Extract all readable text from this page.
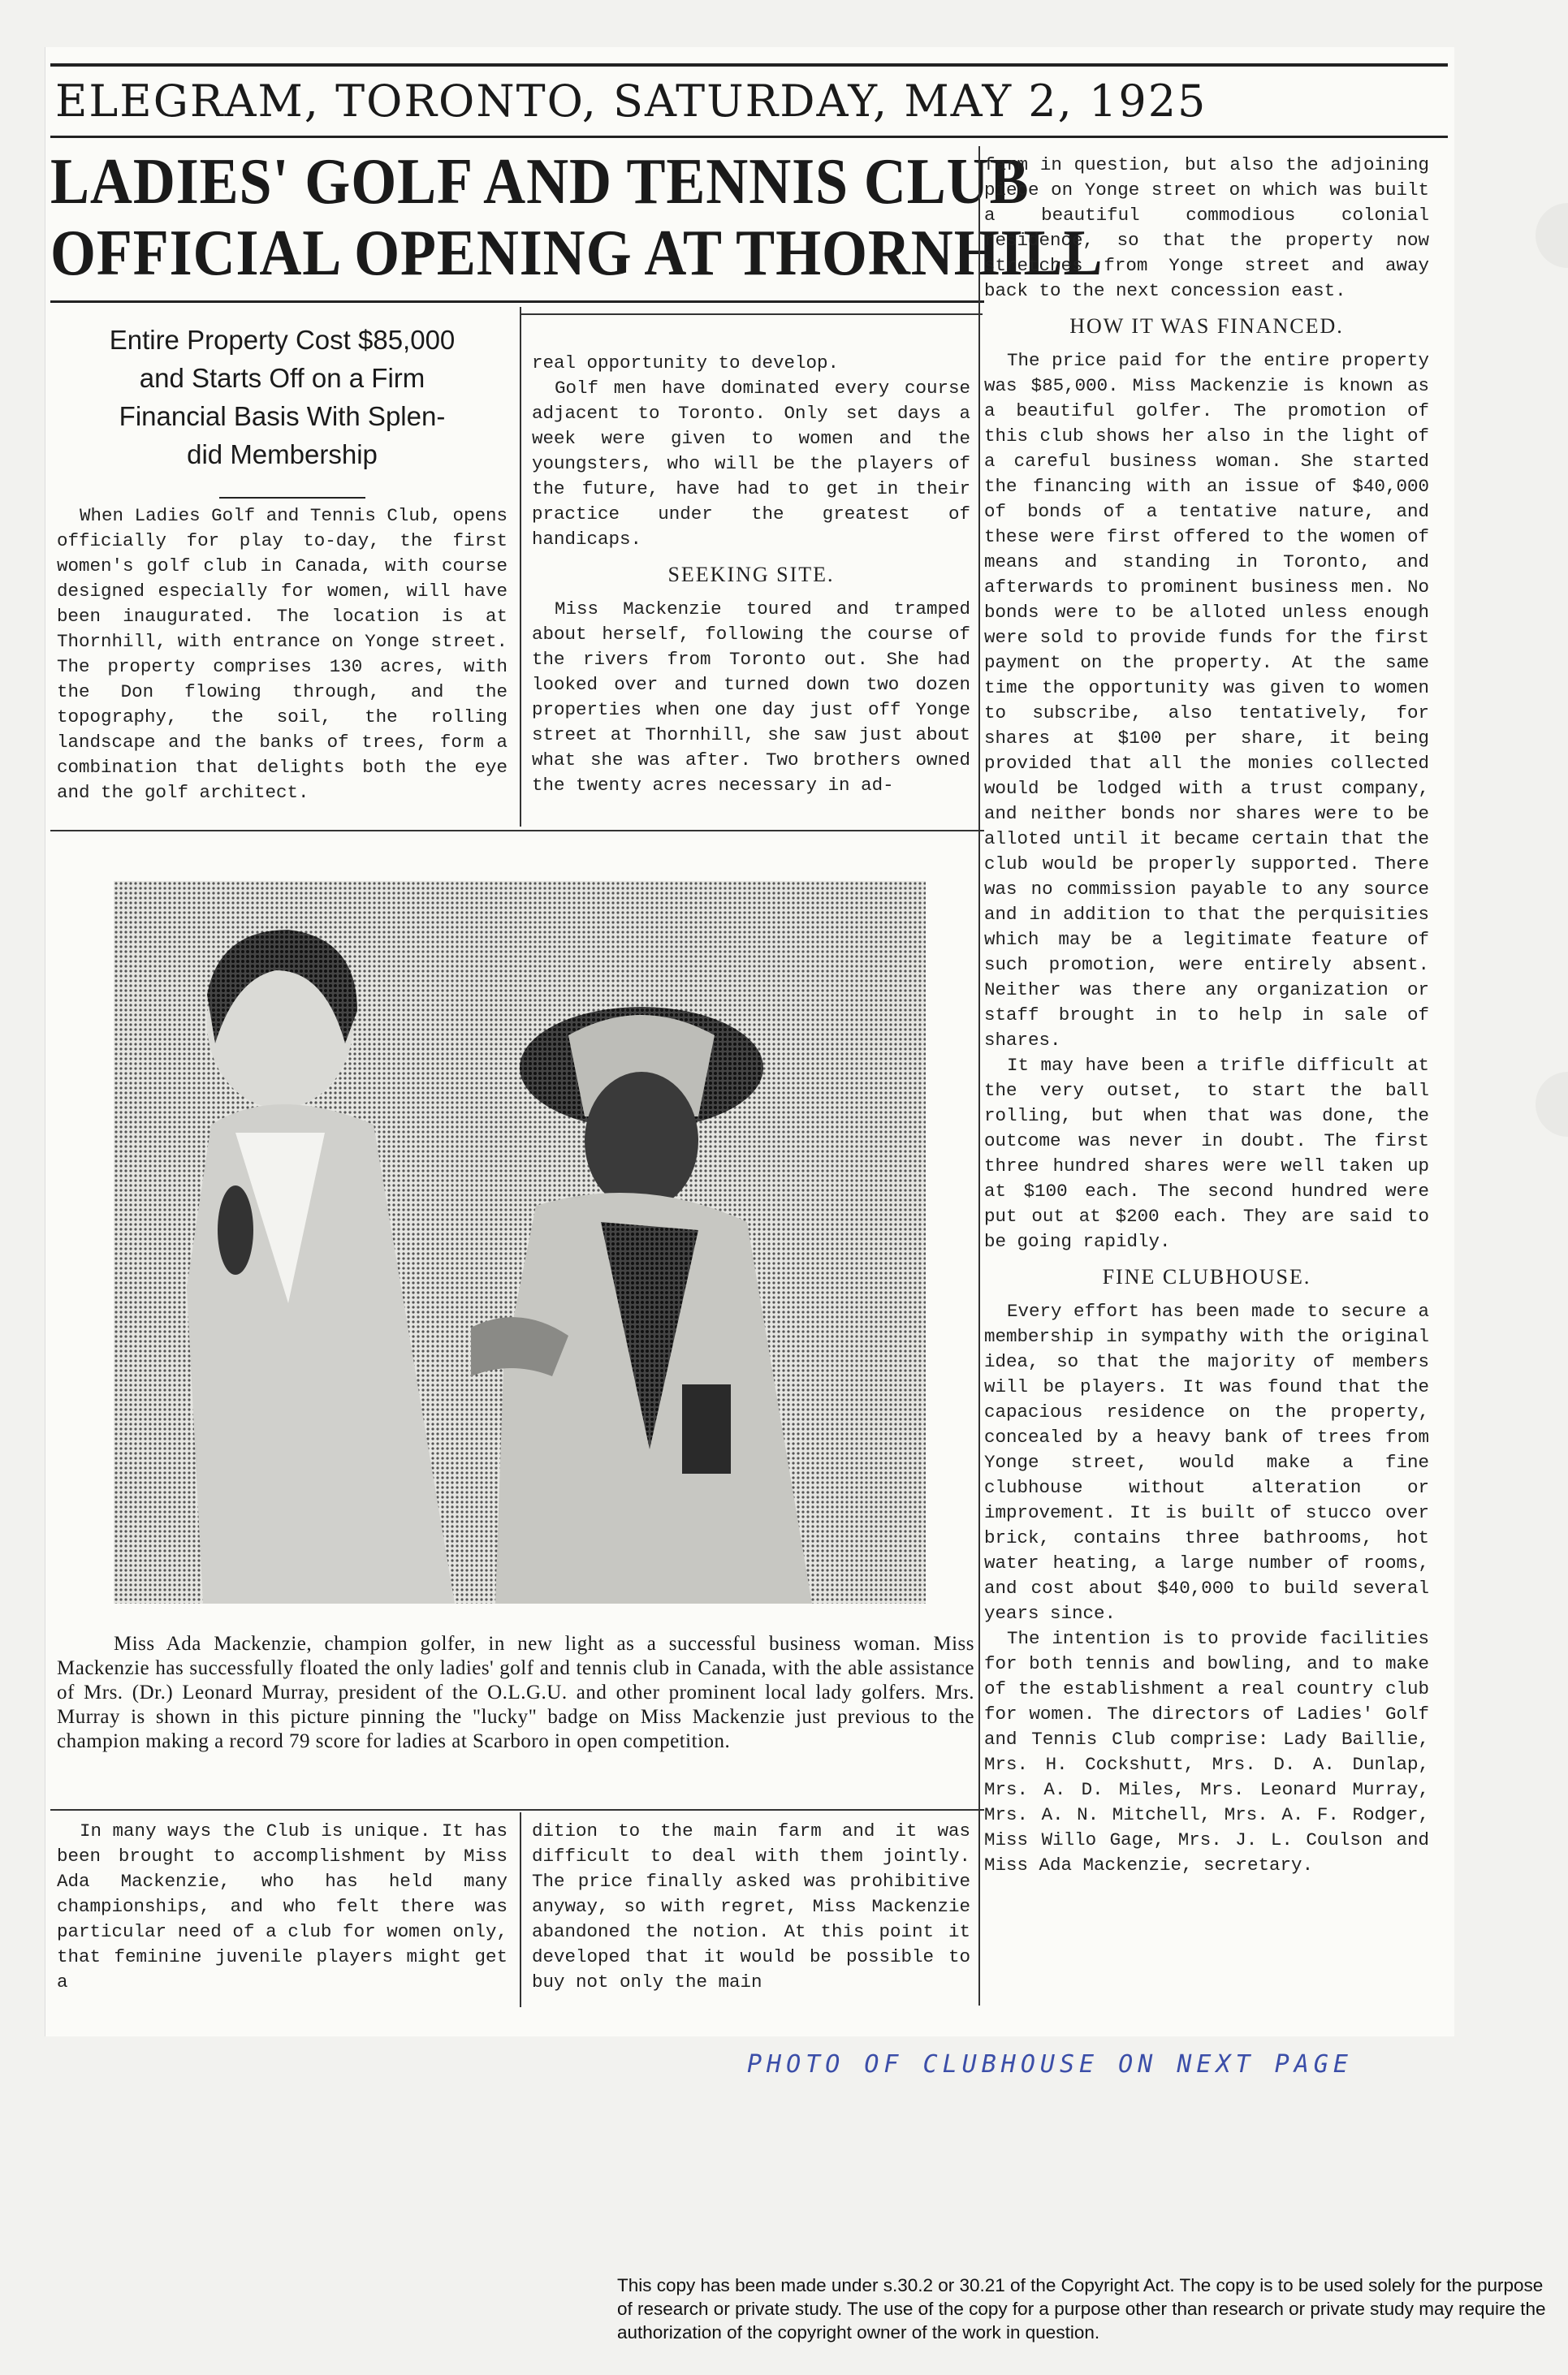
ELEGRAM, TORONTO, SATURDAY, MAY 2, 1925
LADIES' GOLF AND TENNIS CLUB
OFFICIAL OPENING AT THORNHILL
Entire Property Cost $85,000
and Starts Off on a Firm
Financial Basis With Splen-
did Membership

When Ladies Golf and Tennis Club, opens officially for play to-day, the first women's golf club in Canada, with course designed especially for women, will have been inaugurated. The location is at Thornhill, with entrance on Yonge street. The property comprises 130 acres, with the Don flowing through, and the topography, the soil, the rolling landscape and the banks of trees, form a combination that delights both the eye and the golf architect.

real opportunity to develop.

Golf men have dominated every course adjacent to Toronto. Only set days a week were given to women and the youngsters, who will be the players of the future, have had to get in their practice under the greatest of handicaps.

SEEKING SITE.

Miss Mackenzie toured and tramped about herself, following the course of the rivers from Toronto out. She had looked over and turned down two dozen properties when one day just off Yonge street at Thornhill, she saw just about what she was after. Two brothers owned the twenty acres necessary in ad-

farm in question, but also the adjoining piece on Yonge street on which was built a beautiful commodious colonial residence, so that the property now stretches from Yonge street and away back to the next concession east.

HOW IT WAS FINANCED.

The price paid for the entire property was $85,000. Miss Mackenzie is known as a beautiful golfer. The promotion of this club shows her also in the light of a careful business woman. She started the financing with an issue of $40,000 of bonds of a tentative nature, and these were first offered to the women of means and standing in Toronto, and afterwards to prominent business men. No bonds were to be alloted unless enough were sold to provide funds for the first payment on the property. At the same time the opportunity was given to women to subscribe, also tentatively, for shares at $100 per share, it being provided that all the monies collected would be lodged with a trust company, and neither bonds nor shares were to be alloted until it became certain that the club would be properly supported. There was no commission payable to any source and in addition to that the perquisities which may be a legitimate feature of such promotion, were entirely absent. Neither was there any organization or staff brought in to help in sale of shares.

It may have been a trifle difficult at the very outset, to start the ball rolling, but when that was done, the outcome was never in doubt. The first three hundred shares were well taken up at $100 each. The second hundred were put out at $200 each. They are said to be going rapidly.

FINE CLUBHOUSE.

Every effort has been made to secure a membership in sympathy with the original idea, so that the majority of members will be players. It was found that the capacious residence on the property, concealed by a heavy bank of trees from Yonge street, would make a fine clubhouse without alteration or improvement. It is built of stucco over brick, contains three bathrooms, hot water heating, a large number of rooms, and cost about $40,000 to build several years since.

The intention is to provide facilities for both tennis and bowling, and to make of the establishment a real country club for women. The directors of Ladies' Golf and Tennis Club comprise: Lady Baillie, Mrs. H. Cockshutt, Mrs. D. A. Dunlap, Mrs. A. D. Miles, Mrs. Leonard Murray, Mrs. A. N. Mitchell, Mrs. A. F. Rodger, Miss Willo Gage, Mrs. J. L. Coulson and Miss Ada Mackenzie, secretary.

Miss Ada Mackenzie, champion golfer, in new light as a successful business woman. Miss Mackenzie has successfully floated the only ladies' golf and tennis club in Canada, with the able assistance of Mrs. (Dr.) Leonard Murray, president of the O.L.G.U. and other prominent local lady golfers. Mrs. Murray is shown in this picture pinning the "lucky" badge on Miss Mackenzie just previous to the champion making a record 79 score for ladies at Scarboro in open competition.

In many ways the Club is unique. It has been brought to accomplishment by Miss Ada Mackenzie, who has held many championships, and who felt there was particular need of a club for women only, that feminine juvenile players might get a

dition to the main farm and it was difficult to deal with them jointly. The price finally asked was prohibitive anyway, so with regret, Miss Mackenzie abandoned the notion. At this point it developed that it would be possible to buy not only the main

PHOTO OF CLUBHOUSE ON NEXT PAGE
This copy has been made under s.30.2 or 30.21 of the Copyright Act. The copy is to be used solely for the purpose of research or private study. The use of the copy for a purpose other than research or private study may require the authorization of the copyright owner of the work in question.
